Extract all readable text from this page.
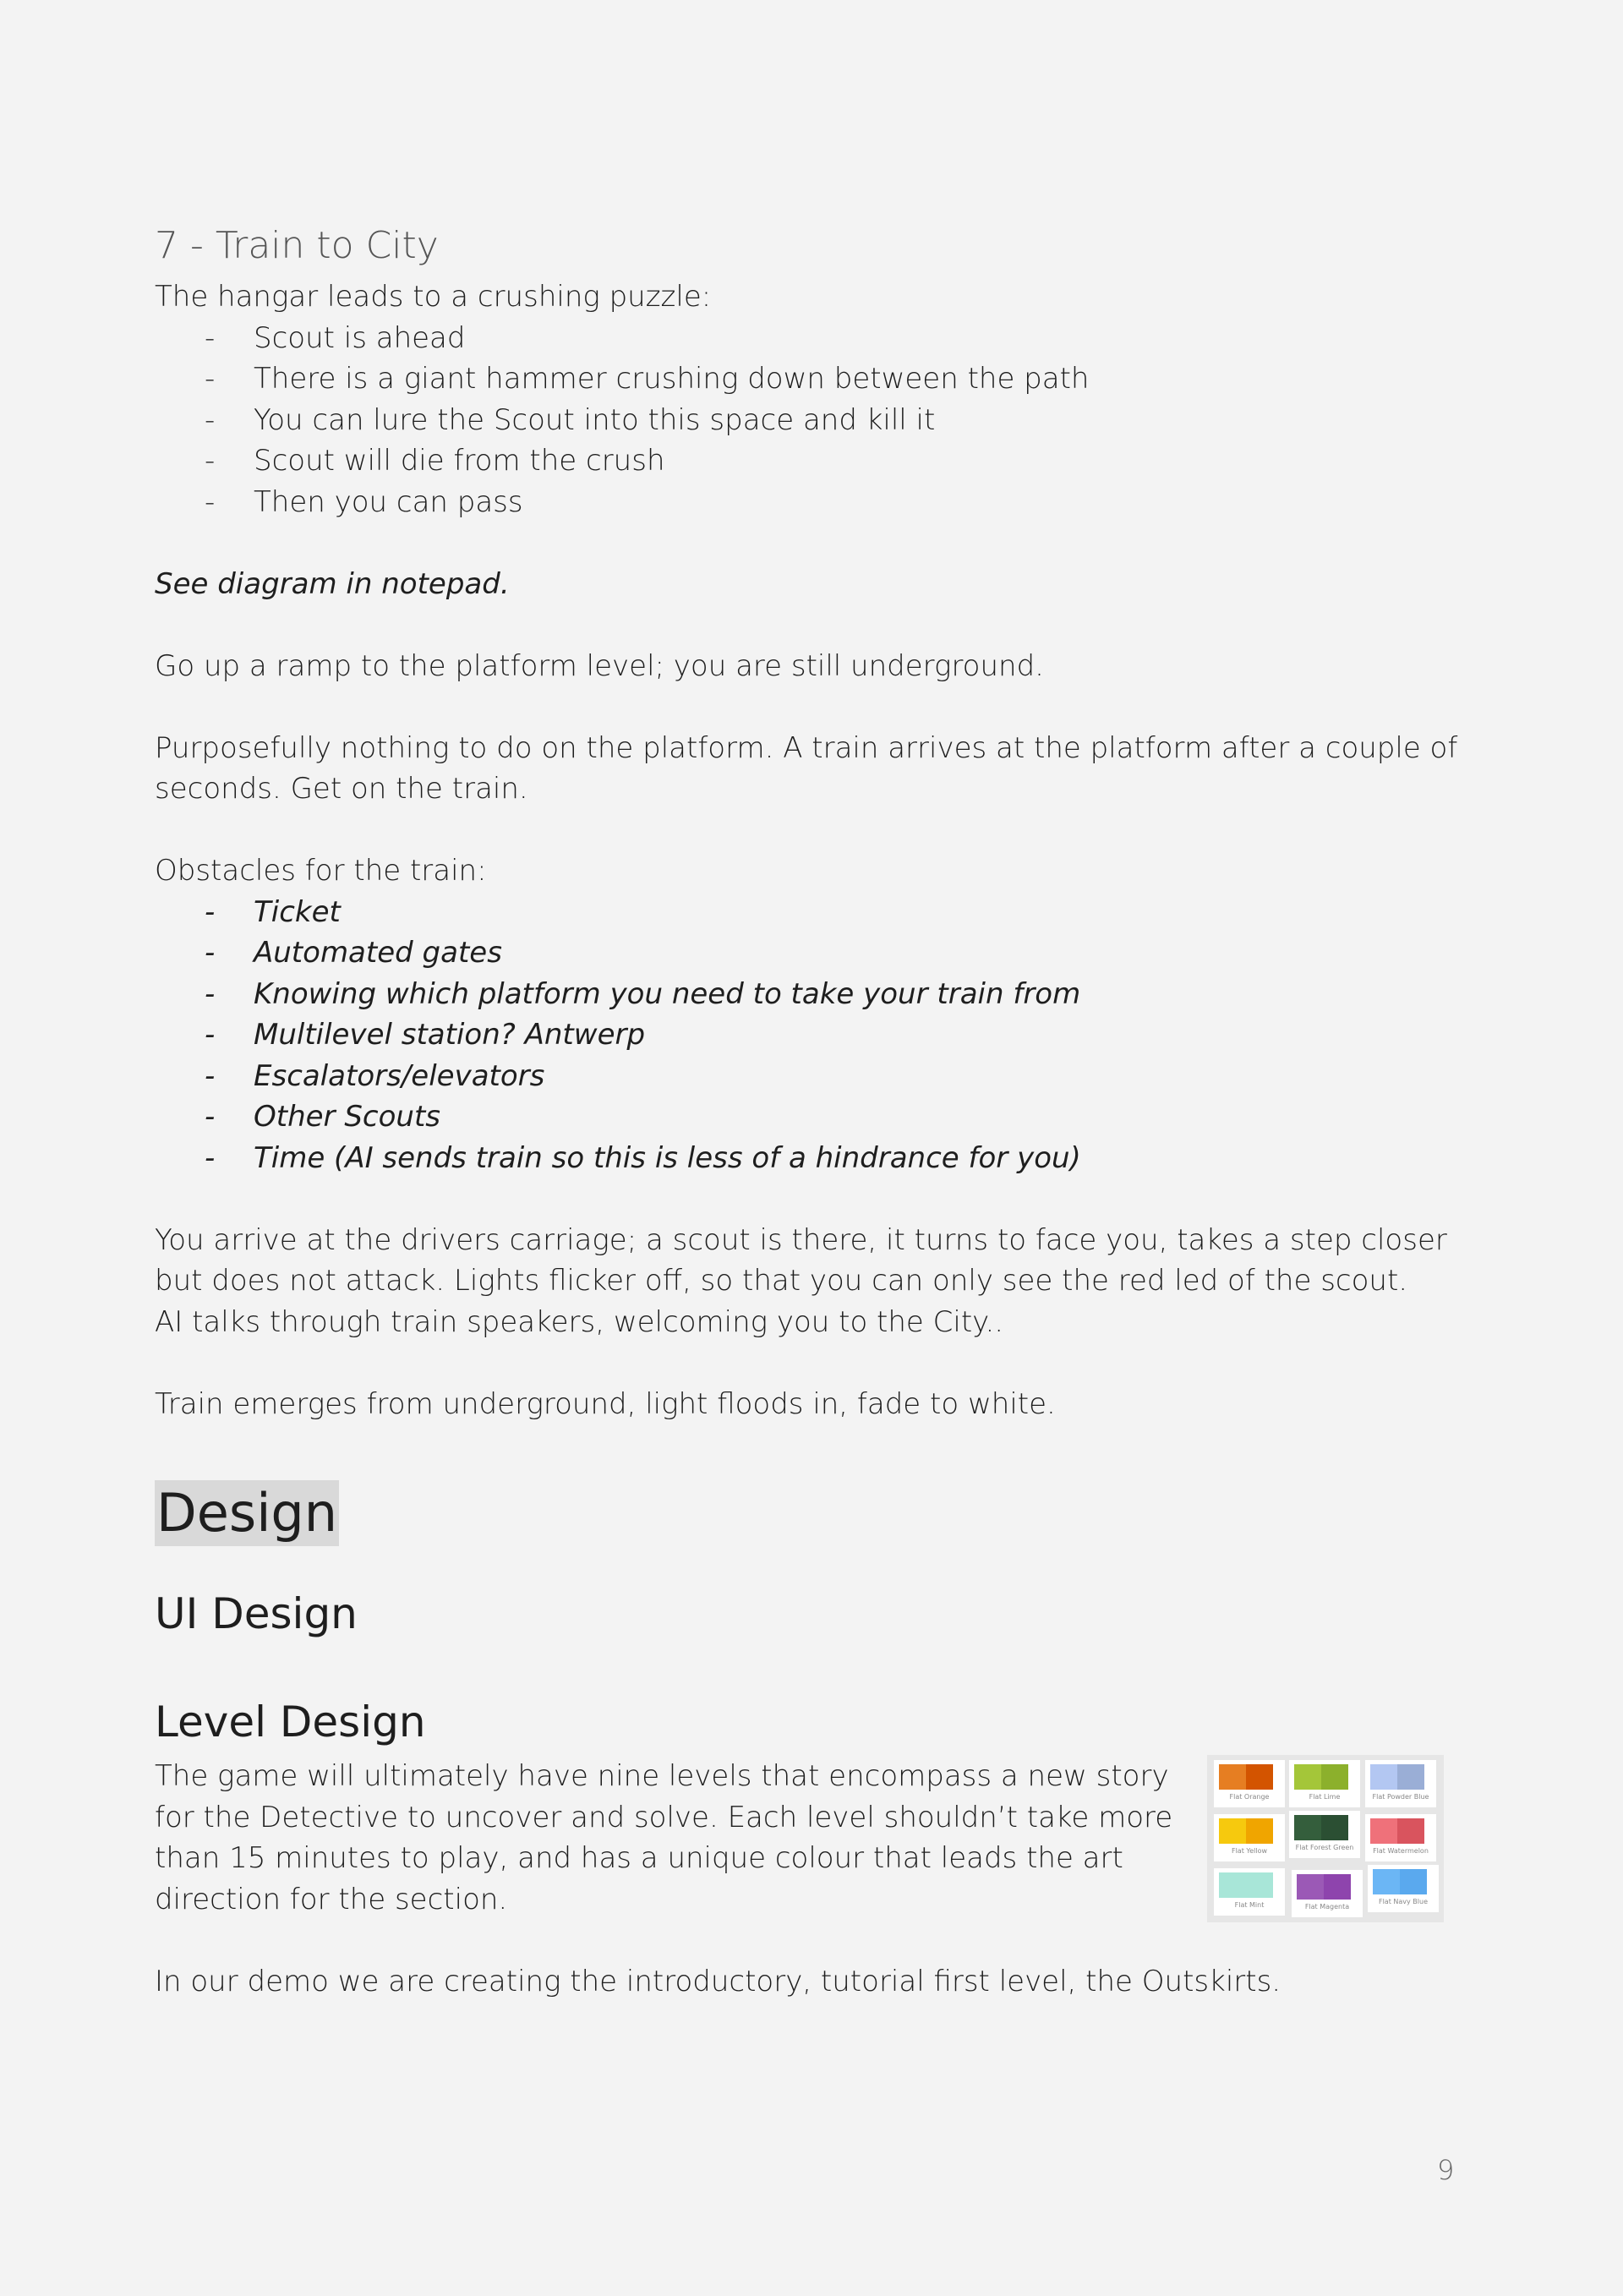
7 - Train to City

The hangar leads to a crushing puzzle:

- Scout is ahead
- There is a giant hammer crushing down between the path
- You can lure the Scout into this space and kill it
- Scout will die from the crush
- Then you can pass

See diagram in notepad.

Go up a ramp to the platform level; you are still underground.

Purposefully nothing to do on the platform. A train arrives at the platform after a couple of seconds. Get on the train.

Obstacles for the train:

- Ticket
- Automated gates
- Knowing which platform you need to take your train from
- Multilevel station? Antwerp
- Escalators/elevators
- Other Scouts
- Time (AI sends train so this is less of a hindrance for you)

You arrive at the drivers carriage; a scout is there, it turns to face you, takes a step closer but does not attack. Lights flicker off, so that you can only see the red led of the scout.

AI talks through train speakers, welcoming you to the City..

Train emerges from underground, light floods in, fade to white.

Design
UI Design
Level Design

The game will ultimately have nine levels that encompass a new story for the Detective to uncover and solve. Each level shouldn’t take more than 15 minutes to play, and has a unique colour that leads the art direction for the section.

Flat Orange	Flat Lime	Flat Powder Blue
Flat Yellow	Flat Forest Green	Flat Watermelon
Flat Mint	Flat Magenta
Flat Navy Blue

In our demo we are creating the introductory, tutorial first level, the Outskirts.

9
